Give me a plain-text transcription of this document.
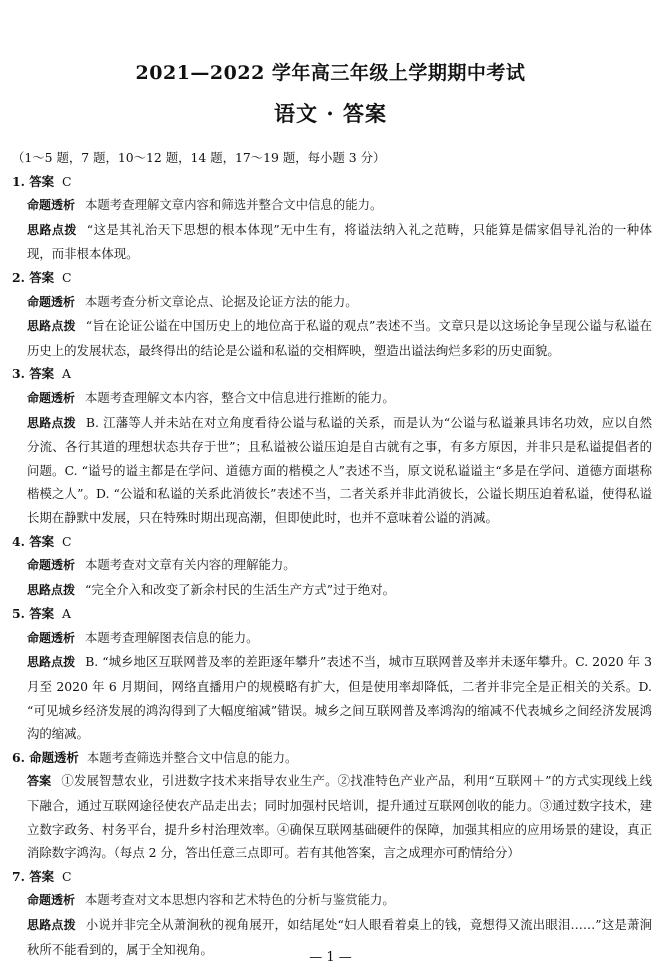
2021—2022 学年高三年级上学期期中考试
语文 · 答案

（1～5 题，7 题，10～12 题，14 题，17～19 题，每小题 3 分）

1. 答案 C

命题透析 本题考查理解文章内容和筛选并整合文中信息的能力。

思路点拨 “这是其礼治天下思想的根本体现”无中生有，将谥法纳入礼之范畴，只能算是儒家倡导礼治的一种体现，而非根本体现。

2. 答案 C

命题透析 本题考查分析文章论点、论据及论证方法的能力。

思路点拨 “旨在论证公谥在中国历史上的地位高于私谥的观点”表述不当。文章只是以这场论争呈现公谥与私谥在历史上的发展状态，最终得出的结论是公谥和私谥的交相辉映，塑造出谥法绚烂多彩的历史面貌。

3. 答案 A

命题透析 本题考查理解文本内容，整合文中信息进行推断的能力。

思路点拨 B. 江藩等人并未站在对立角度看待公谥与私谥的关系，而是认为“公谥与私谥兼具讳名功效，应以自然分流、各行其道的理想状态共存于世”；且私谥被公谥压迫是自古就有之事，有多方原因，并非只是私谥提倡者的问题。C. “谥号的谥主都是在学问、道德方面的楷模之人”表述不当，原文说私谥谥主“多是在学问、道德方面堪称楷模之人”。D. “公谥和私谥的关系此消彼长”表述不当，二者关系并非此消彼长，公谥长期压迫着私谥，使得私谥长期在静默中发展，只在特殊时期出现高潮，但即使此时，也并不意味着公谥的消减。

4. 答案 C

命题透析 本题考查对文章有关内容的理解能力。

思路点拨 “完全介入和改变了新余村民的生活生产方式”过于绝对。

5. 答案 A

命题透析 本题考查理解图表信息的能力。

思路点拨 B. “城乡地区互联网普及率的差距逐年攀升”表述不当，城市互联网普及率并未逐年攀升。C. 2020 年 3 月至 2020 年 6 月期间，网络直播用户的规模略有扩大，但是使用率却降低，二者并非完全是正相关的关系。D. “可见城乡经济发展的鸿沟得到了大幅度缩减”错误。城乡之间互联网普及率鸿沟的缩减不代表城乡之间经济发展鸿沟的缩减。

6. 命题透析 本题考查筛选并整合文中信息的能力。

答案 ①发展智慧农业，引进数字技术来指导农业生产。②找准特色产业产品，利用“互联网＋”的方式实现线上线下融合，通过互联网途径使农产品走出去；同时加强村民培训，提升通过互联网创收的能力。③通过数字技术，建立数字政务、村务平台，提升乡村治理效率。④确保互联网基础硬件的保障，加强其相应的应用场景的建设，真正消除数字鸿沟。（每点 2 分，答出任意三点即可。若有其他答案，言之成理亦可酌情给分）

7. 答案 C

命题透析 本题考查对文本思想内容和艺术特色的分析与鉴赏能力。

思路点拨 小说并非完全从萧涧秋的视角展开，如结尾处“妇人眼看着桌上的钱，竟想得又流出眼泪……”这是萧涧秋所不能看到的，属于全知视角。

— 1 —
